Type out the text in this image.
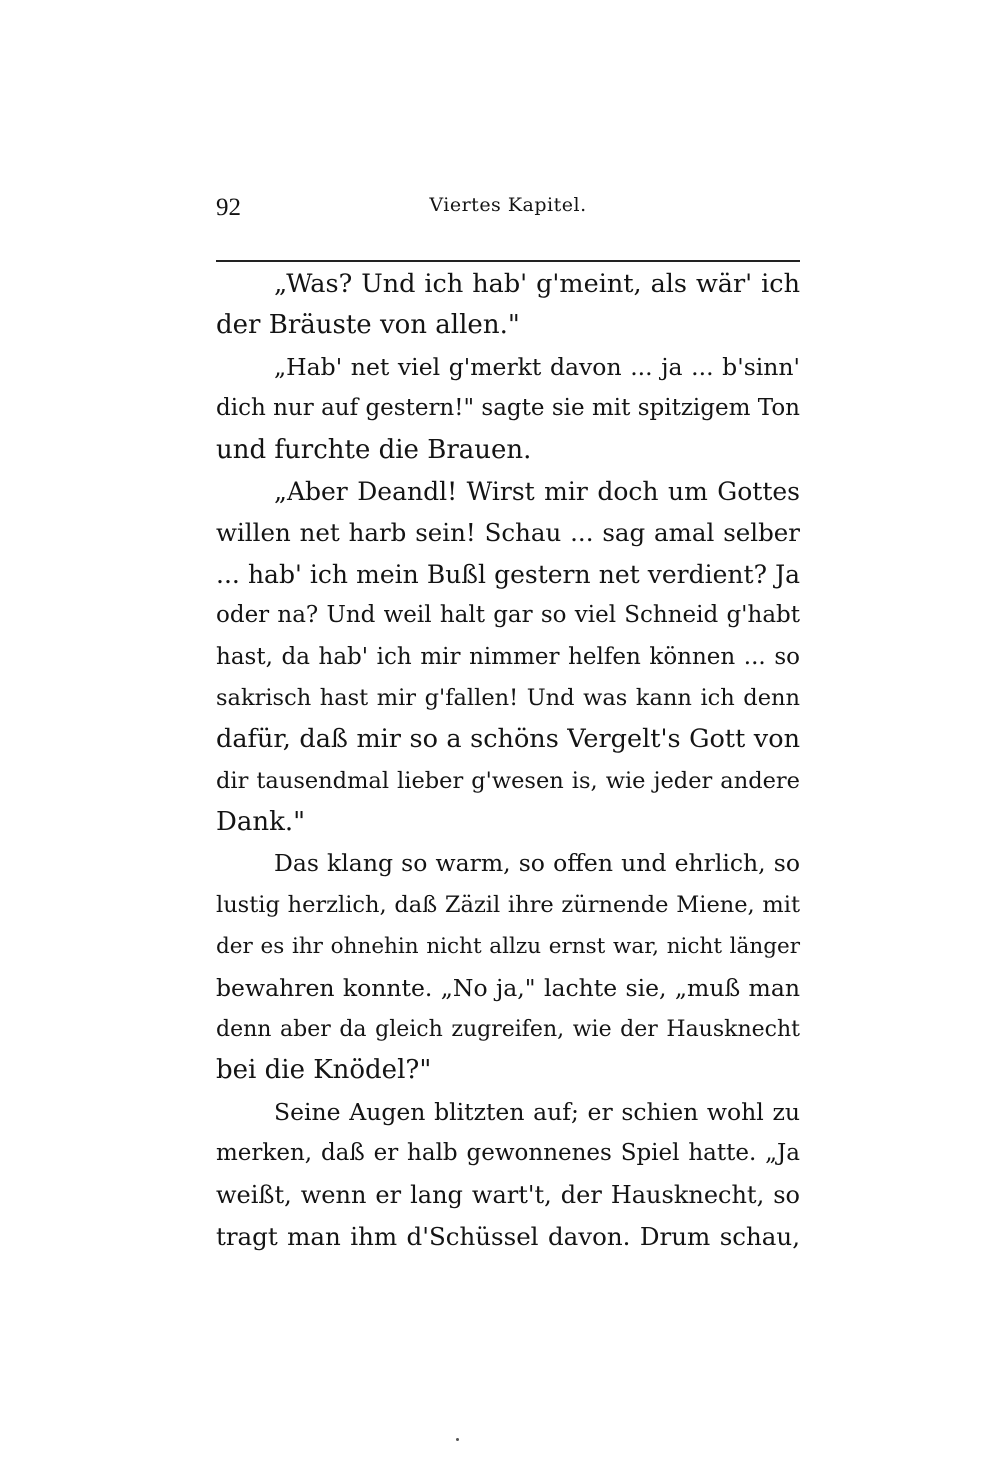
92	Viertes Kapitel.
„Was? Und ich hab' g'meint, als wär' ich
der Bräuste von allen."
„Hab' net viel g'merkt davon ... ja ... b'sinn'
dich nur auf gestern!" sagte sie mit spitzigem Ton
und furchte die Brauen.
„Aber Deandl! Wirst mir doch um Gottes
willen net harb sein! Schau ... sag amal selber
... hab' ich mein Bußl gestern net verdient? Ja
oder na? Und weil halt gar so viel Schneid g'habt
hast, da hab' ich mir nimmer helfen können ... so
sakrisch hast mir g'fallen! Und was kann ich denn
dafür, daß mir so a schöns Vergelt's Gott von
dir tausendmal lieber g'wesen is, wie jeder andere
Dank."
Das klang so warm, so offen und ehrlich, so
lustig herzlich, daß Zäzil ihre zürnende Miene, mit
der es ihr ohnehin nicht allzu ernst war, nicht länger
bewahren konnte. „No ja," lachte sie, „muß man
denn aber da gleich zugreifen, wie der Hausknecht
bei die Knödel?"
Seine Augen blitzten auf; er schien wohl zu
merken, daß er halb gewonnenes Spiel hatte. „Ja
weißt, wenn er lang wart't, der Hausknecht, so
tragt man ihm d'Schüssel davon. Drum schau,
